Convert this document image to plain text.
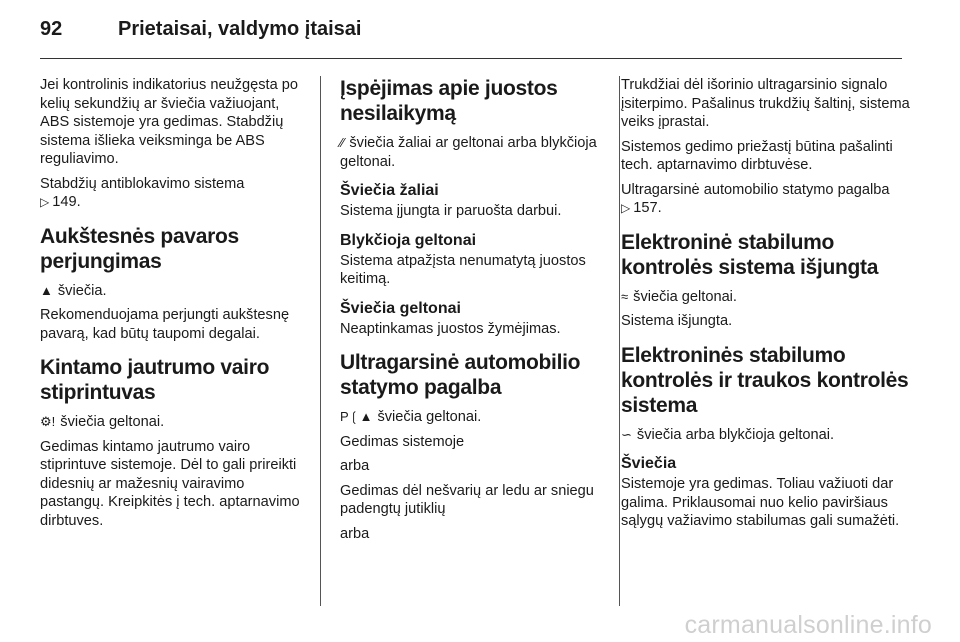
92	Prietaisai, valdymo įtaisai

Jei kontrolinis indikatorius neužgęsta po kelių sekundžių ar šviečia važiuojant, ABS sistemoje yra gedimas. Stabdžių sistema išlieka veiksminga be ABS reguliavimo.

Stabdžių antiblokavimo sistema
▷ 149.

Aukštesnės pavaros perjungimas

▲ šviečia.

Rekomenduojama perjungti aukštesnę pavarą, kad būtų taupomi degalai.

Kintamo jautrumo vairo stiprintuvas

⚙! šviečia geltonai.

Gedimas kintamo jautrumo vairo stiprintuve sistemoje. Dėl to gali prireikti didesnių ar mažesnių vairavimo pastangų. Kreipkitės į tech. aptarnavimo dirbtuves.

Įspėjimas apie juostos nesilaikymą

⁄⁄ šviečia žaliai ar geltonai arba blykčioja geltonai.

Šviečia žaliai

Sistema įjungta ir paruošta darbui.

Blykčioja geltonai

Sistema atpažįsta nenumatytą juostos keitimą.

Šviečia geltonai

Neaptinkamas juostos žymėjimas.

Ultragarsinė automobilio statymo pagalba

P❲▲ šviečia geltonai.

Gedimas sistemoje

arba

Gedimas dėl nešvarių ar ledu ar sniegu padengtų jutiklių

arba

Trukdžiai dėl išorinio ultragarsinio signalo įsiterpimo. Pašalinus trukdžių šaltinį, sistema veiks įprastai.

Sistemos gedimo priežastį būtina pašalinti tech. aptarnavimo dirbtuvėse.

Ultragarsinė automobilio statymo pagalba
▷ 157.

Elektroninė stabilumo kontrolės sistema išjungta

≈ šviečia geltonai.

Sistema išjungta.

Elektroninės stabilumo kontrolės ir traukos kontrolės sistema

∽ šviečia arba blykčioja geltonai.

Šviečia

Sistemoje yra gedimas. Toliau važiuoti dar galima. Priklausomai nuo kelio paviršiaus sąlygų važiavimo stabilumas gali sumažėti.

carmanualsonline.info
